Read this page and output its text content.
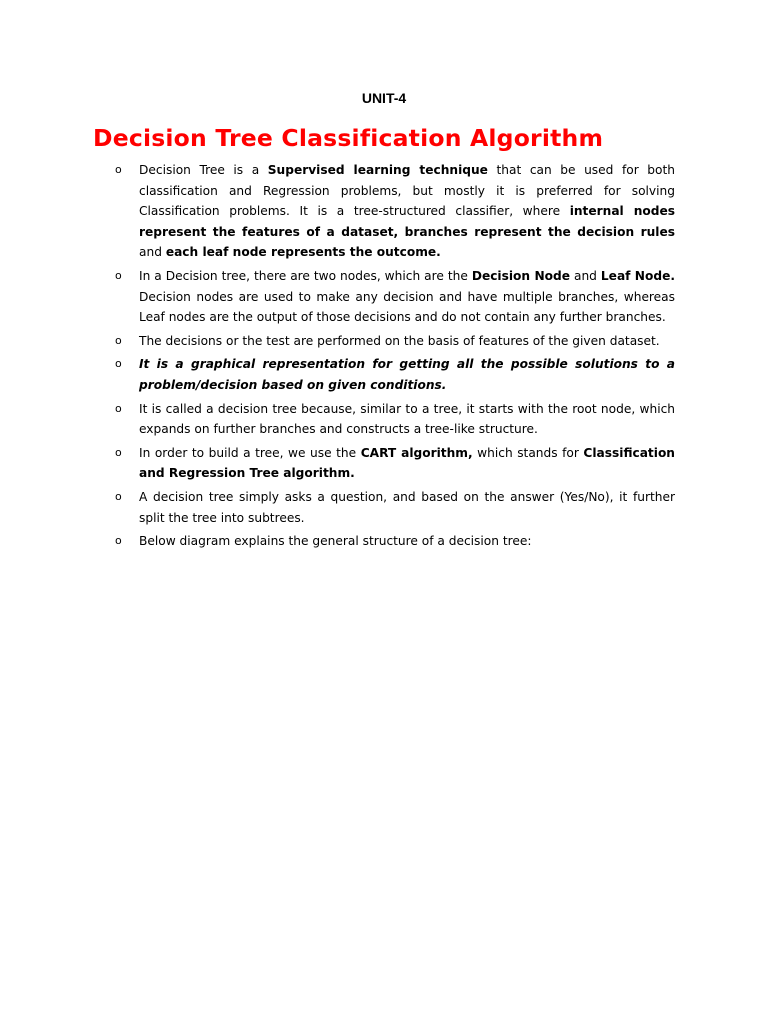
UNIT-4
Decision Tree Classification Algorithm
o Decision Tree is a Supervised learning technique that can be used for both classification and Regression problems, but mostly it is preferred for solving Classification problems. It is a tree-structured classifier, where internal nodes represent the features of a dataset, branches represent the decision rules and each leaf node represents the outcome.
o In a Decision tree, there are two nodes, which are the Decision Node and Leaf Node. Decision nodes are used to make any decision and have multiple branches, whereas Leaf nodes are the output of those decisions and do not contain any further branches.
o The decisions or the test are performed on the basis of features of the given dataset.
o It is a graphical representation for getting all the possible solutions to a problem/decision based on given conditions.
o It is called a decision tree because, similar to a tree, it starts with the root node, which expands on further branches and constructs a tree-like structure.
o In order to build a tree, we use the CART algorithm, which stands for Classification and Regression Tree algorithm.
o A decision tree simply asks a question, and based on the answer (Yes/No), it further split the tree into subtrees.
o Below diagram explains the general structure of a decision tree:
